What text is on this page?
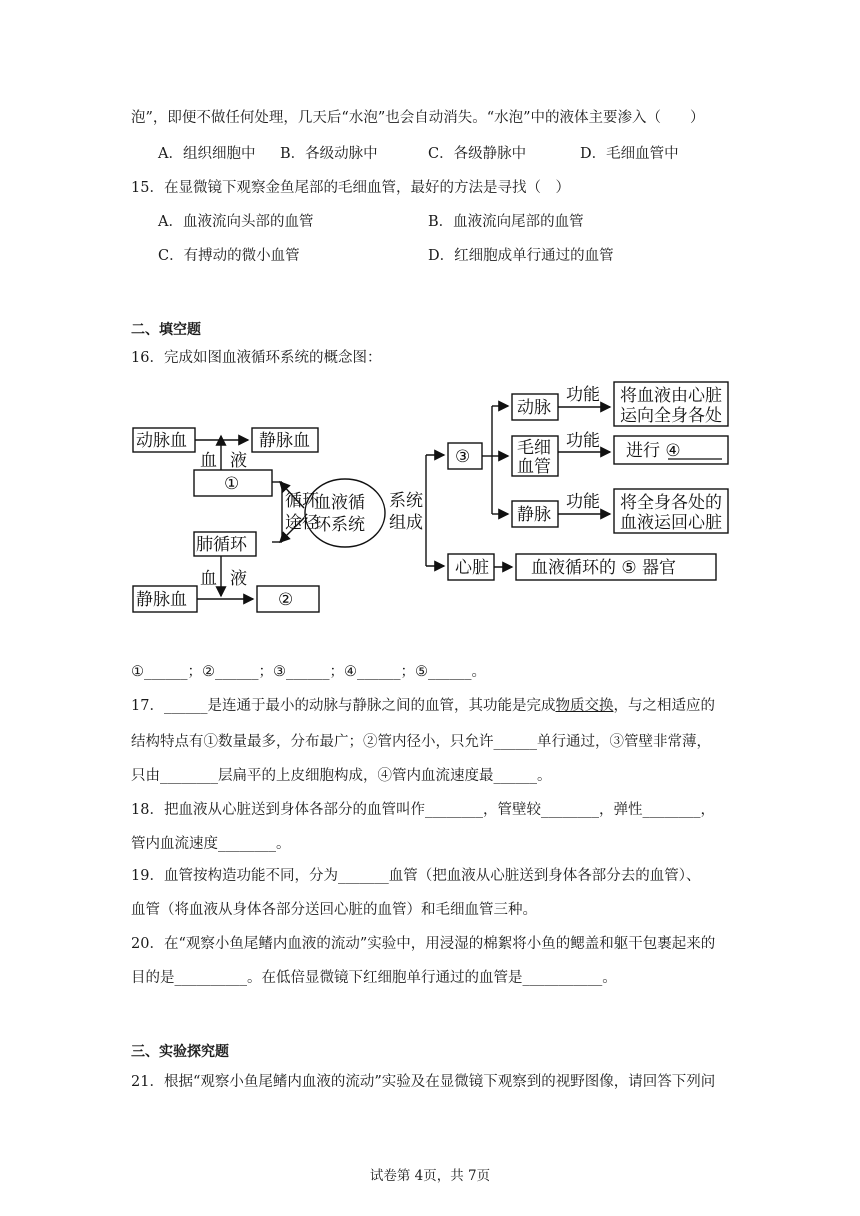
泡”，即便不做任何处理，几天后“水泡”也会自动消失。“水泡”中的液体主要渗入（　　）
A．组织细胞中 B．各级动脉中	C．各级静脉中	D．毛细血管中
15．在显微镜下观察金鱼尾部的毛细血管，最好的方法是寻找（　）
A．血液流向头部的血管	B．血液流向尾部的血管
C．有搏动的微小血管	D．红细胞成单行通过的血管
二、填空题
16．完成如图血液循环系统的概念图：
动脉血	静脉血
血 液
①
循环
途径
血液循
环系统
系统
组成
肺循环
血 液
静脉血	②
③
动脉
毛细
血管
静脉
功能
功能
功能
将血液由心脏
运向全身各处
进行 ④
将全身各处的
血液运回心脏
心脏 血液循环的 ⑤ 器官
①______；②______；③______；④______；⑤______。
17．______是连通于最小的动脉与静脉之间的血管，其功能是完成物质交换，与之相适应的
结构特点有①数量最多，分布最广；②管内径小，只允许______单行通过，③管壁非常薄，
只由________层扁平的上皮细胞构成，④管内血流速度最______。
18．把血液从心脏送到身体各部分的血管叫作________，管壁较________，弹性________，
管内血流速度________。
19．血管按构造功能不同，分为_______血管（把血液从心脏送到身体各部分去的血管）、
血管（将血液从身体各部分送回心脏的血管）和毛细血管三种。
20．在“观察小鱼尾鳍内血液的流动”实验中，用浸湿的棉絮将小鱼的鳃盖和躯干包裹起来的
目的是__________。在低倍显微镜下红细胞单行通过的血管是___________。
三、实验探究题
21．根据“观察小鱼尾鳍内血液的流动”实验及在显微镜下观察到的视野图像，请回答下列问
试卷第 4页，共 7页
